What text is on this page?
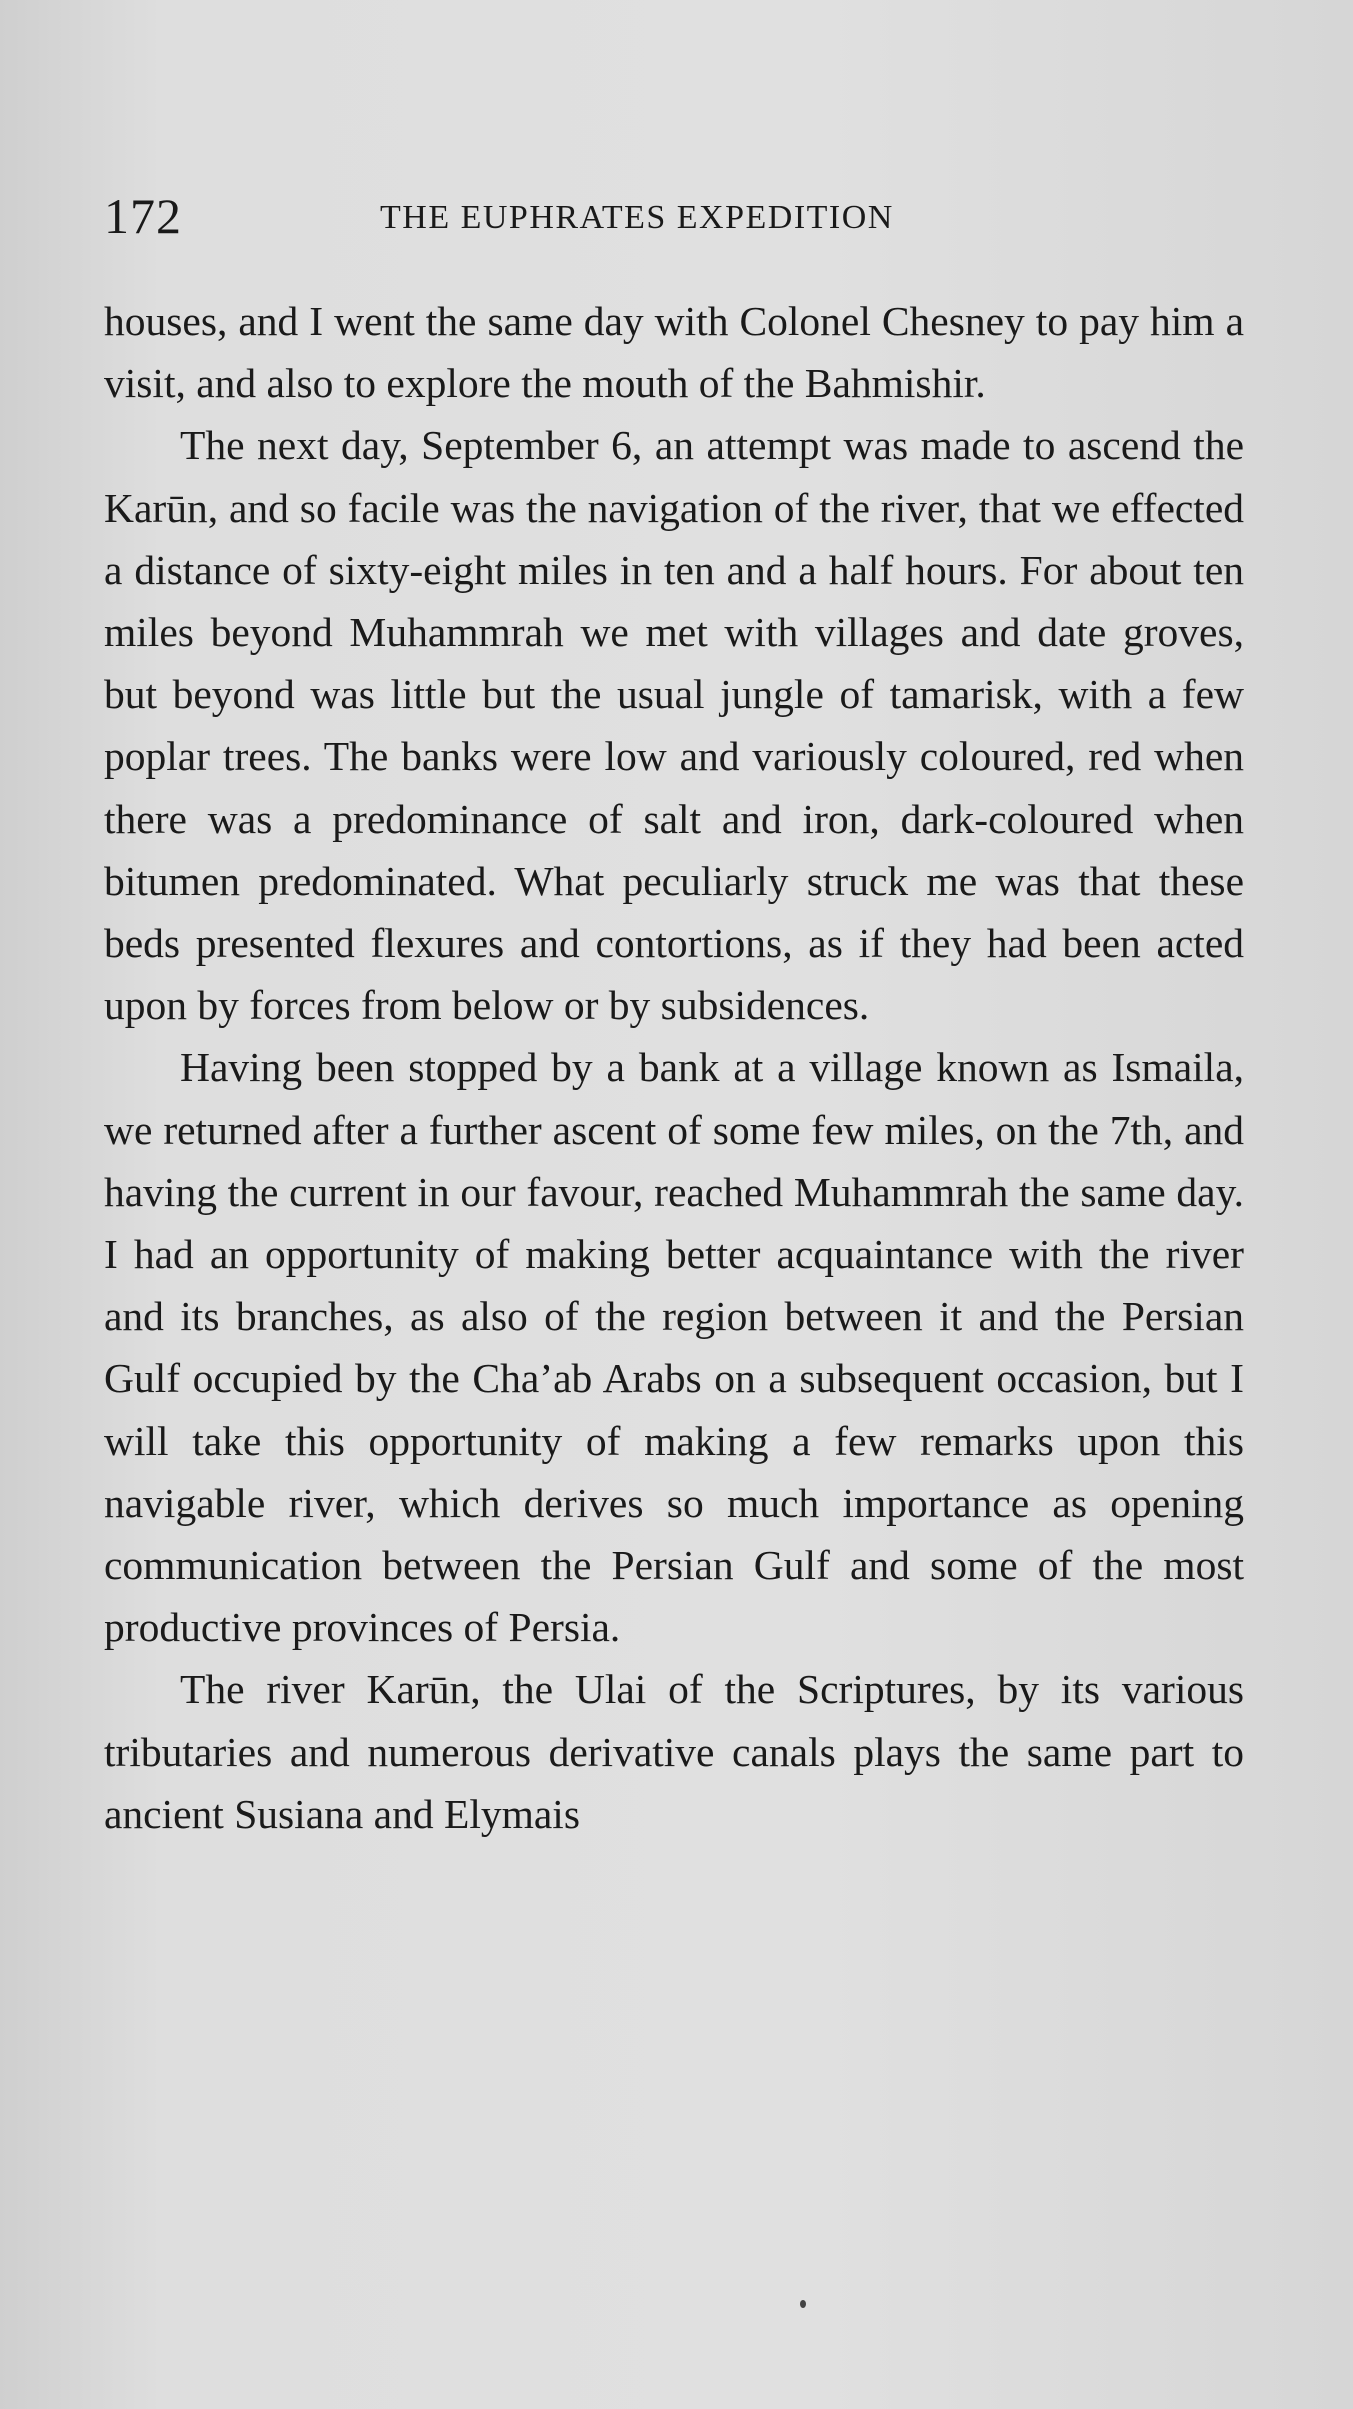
172	THE EUPHRATES EXPEDITION

houses, and I went the same day with Colonel Chesney to pay him a visit, and also to explore the mouth of the Bahmishir.

The next day, September 6, an attempt was made to ascend the Karūn, and so facile was the navigation of the river, that we effected a distance of sixty-eight miles in ten and a half hours. For about ten miles beyond Muhammrah we met with villages and date groves, but beyond was little but the usual jungle of tamarisk, with a few poplar trees. The banks were low and variously coloured, red when there was a predominance of salt and iron, dark-coloured when bitumen predominated. What peculiarly struck me was that these beds presented flexures and contortions, as if they had been acted upon by forces from below or by subsidences.

Having been stopped by a bank at a village known as Ismaila, we returned after a further ascent of some few miles, on the 7th, and having the current in our favour, reached Muhammrah the same day. I had an opportunity of making better acquaintance with the river and its branches, as also of the region between it and the Persian Gulf occupied by the Cha’ab Arabs on a subsequent occasion, but I will take this opportunity of making a few remarks upon this navigable river, which derives so much importance as opening communication between the Persian Gulf and some of the most productive provinces of Persia.

The river Karūn, the Ulai of the Scriptures, by its various tributaries and numerous derivative canals plays the same part to ancient Susiana and Elymais
